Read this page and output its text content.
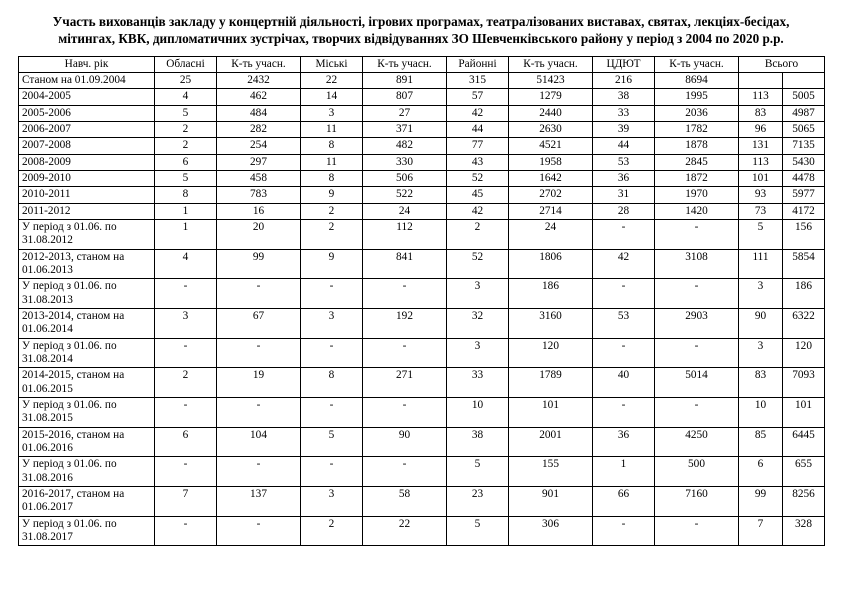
Участь вихованців закладу у концертній діяльності, ігрових програмах, театралізованих виставах, святах, лекціях-бесідах, мітингах, КВК, дипломатичних зустрічах, творчих відвідуваннях ЗО Шевченківського району у період з 2004 по 2020 р.р.
Навч. рік	Обласні	К-ть учасн.	Міські	К-ть учасн.	Районні	К-ть учасн.	ЦДЮТ	К-ть учасн.	Всього	
Станом на 01.09.2004	25	2432	22	891	315	51423	216	8694		
2004-2005	4	462	14	807	57	1279	38	1995	113	5005
2005-2006	5	484	3	27	42	2440	33	2036	83	4987
2006-2007	2	282	11	371	44	2630	39	1782	96	5065
2007-2008	2	254	8	482	77	4521	44	1878	131	7135
2008-2009	6	297	11	330	43	1958	53	2845	113	5430
2009-2010	5	458	8	506	52	1642	36	1872	101	4478
2010-2011	8	783	9	522	45	2702	31	1970	93	5977
2011-2012	1	16	2	24	42	2714	28	1420	73	4172
У період з 01.06. по 31.08.2012	1	20	2	112	2	24	-	-	5	156
2012-2013, станом на 01.06.2013	4	99	9	841	52	1806	42	3108	111	5854
У період з 01.06. по 31.08.2013	-	-	-	-	3	186	-	-	3	186
2013-2014, станом на 01.06.2014	3	67	3	192	32	3160	53	2903	90	6322
У період з 01.06. по 31.08.2014	-	-	-	-	3	120	-	-	3	120
2014-2015, станом на 01.06.2015	2	19	8	271	33	1789	40	5014	83	7093
У період з 01.06. по 31.08.2015	-	-	-	-	10	101	-	-	10	101
2015-2016, станом на 01.06.2016	6	104	5	90	38	2001	36	4250	85	6445
У період з 01.06. по 31.08.2016	-	-	-	-	5	155	1	500	6	655
2016-2017, станом на 01.06.2017	7	137	3	58	23	901	66	7160	99	8256
У період з 01.06. по 31.08.2017	-	-	2	22	5	306	-	-	7	328
